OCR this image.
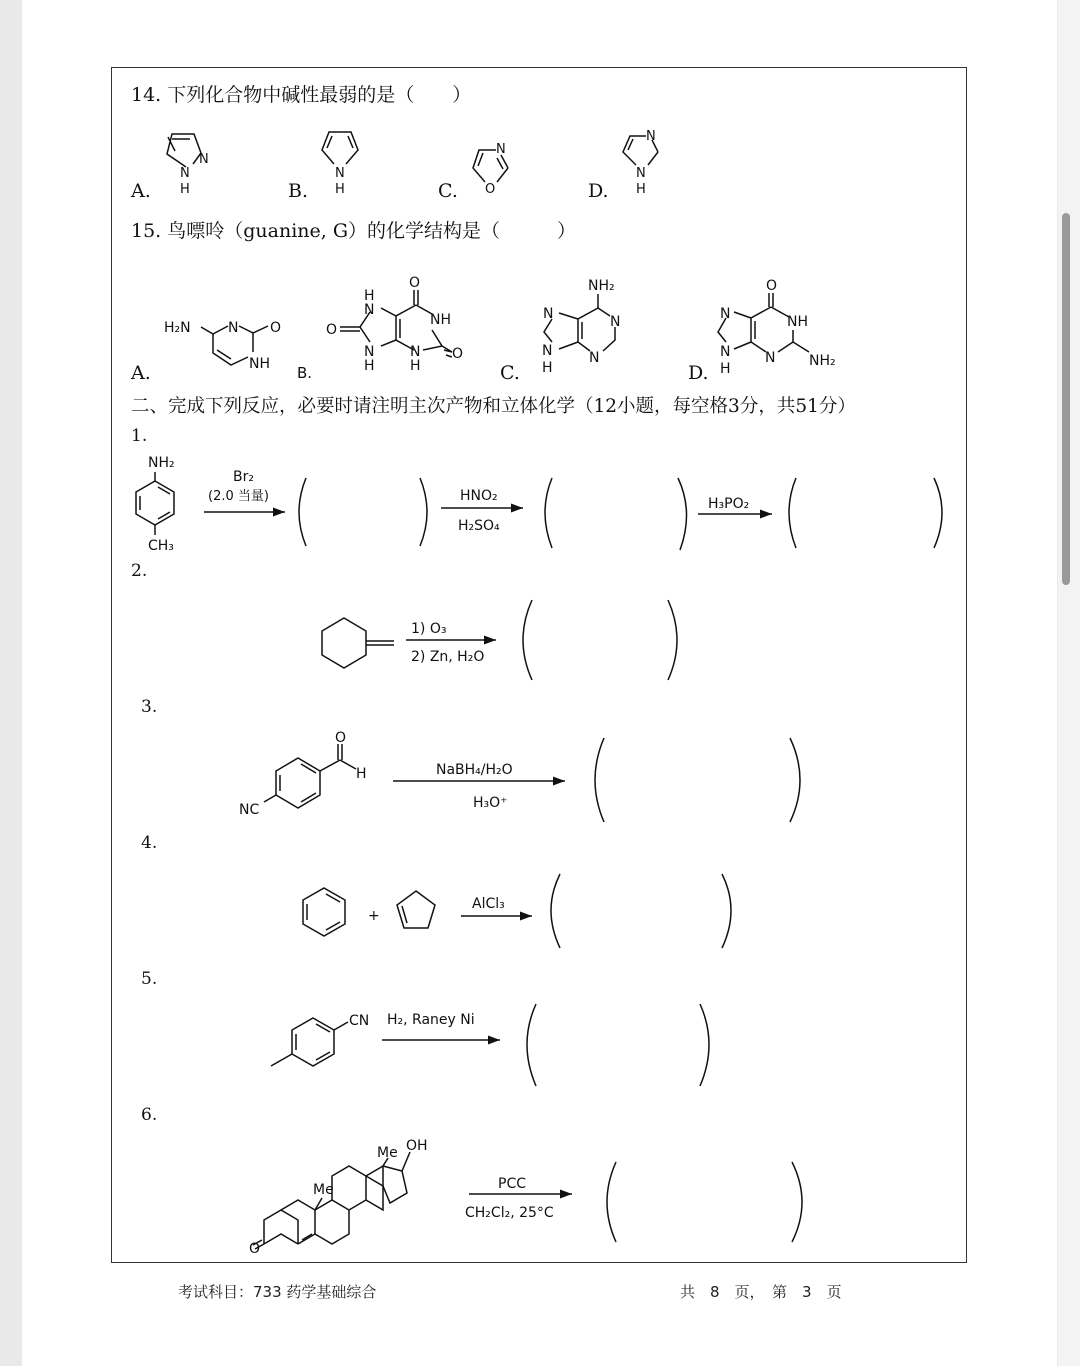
14. 下列化合物中碱性最弱的是（　　）
A.	B.	C.	D.
15. 鸟嘌呤（guanine, G）的化学结构是（　　　）
A.	B.	C.	D.
二、完成下列反应，必要时请注明主次产物和立体化学（12小题，每空格3分，共51分）
1.
2.
3.
4.
5.
6.
考试科目：733 药学基础综合	共　8　页，　第　3　页
N
N
H
N
H
N
O
N
N
H
H₂N	N O
NH
O
H
N
NH
O
N
H
N
H
O
NH₂
N	N
N
H
N
O
N	NH
N
H
N NH₂
NH₂
CH₃
Br₂
(2.0 当量)	HNO₂
H₂SO₄
H₃PO₂
1) O₃
2) Zn, H₂O
O
H
NC
NaBH₄/H₂O
H₃O⁺
+
AlCl₃
CN H₂, Raney Ni
O
Me
Me OH
PCC
CH₂Cl₂, 25°C
